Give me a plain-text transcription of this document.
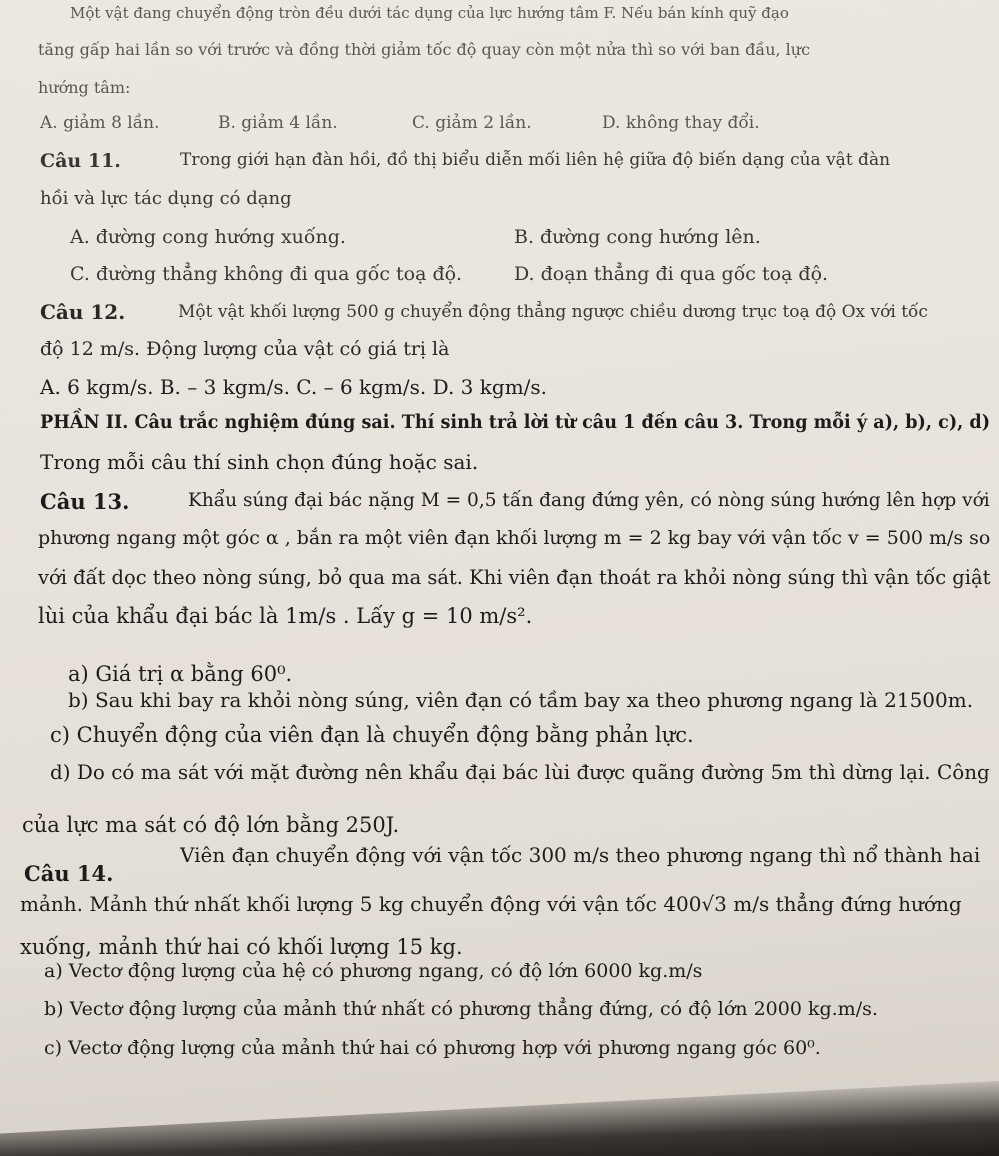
Một vật đang chuyển động tròn đều dưới tác dụng của lực hướng tâm F. Nếu bán kính quỹ đạo
tăng gấp hai lần so với trước và đồng thời giảm tốc độ quay còn một nửa thì so với ban đầu, lực
hướng tâm:
A. giảm 8 lần.	B. giảm 4 lần.	C. giảm 2 lần.	D. không thay đổi.
Câu 11.	Trong giới hạn đàn hồi, đồ thị biểu diễn mối liên hệ giữa độ biến dạng của vật đàn
hồi và lực tác dụng có dạng
A. đường cong hướng xuống.	B. đường cong hướng lên.
C. đường thẳng không đi qua gốc toạ độ.	D. đoạn thẳng đi qua gốc toạ độ.
Câu 12.	Một vật khối lượng 500 g chuyển động thẳng ngược chiều dương trục toạ độ Ox với tốc
độ 12 m/s. Động lượng của vật có giá trị là
A. 6 kgm/s. B. – 3 kgm/s. C. – 6 kgm/s. D. 3 kgm/s.
PHẦN II. Câu trắc nghiệm đúng sai. Thí sinh trả lời từ câu 1 đến câu 3. Trong mỗi ý a), b), c), d)
Trong mỗi câu thí sinh chọn đúng hoặc sai.
Câu 13.	Khẩu súng đại bác nặng M = 0,5 tấn đang đứng yên, có nòng súng hướng lên hợp với
phương ngang một góc α , bắn ra một viên đạn khối lượng m = 2 kg bay với vận tốc v = 500 m/s so
với đất dọc theo nòng súng, bỏ qua ma sát. Khi viên đạn thoát ra khỏi nòng súng thì vận tốc giật
lùi của khẩu đại bác là 1m/s . Lấy g = 10 m/s².
a) Giá trị α bằng 60⁰.
b) Sau khi bay ra khỏi nòng súng, viên đạn có tầm bay xa theo phương ngang là 21500m.
c) Chuyển động của viên đạn là chuyển động bằng phản lực.
d) Do có ma sát với mặt đường nên khẩu đại bác lùi được quãng đường 5m thì dừng lại. Công
của lực ma sát có độ lớn bằng 250J.
Câu 14.
Viên đạn chuyển động với vận tốc 300 m/s theo phương ngang thì nổ thành hai
mảnh. Mảnh thứ nhất khối lượng 5 kg chuyển động với vận tốc 400√3 m/s thẳng đứng hướng
xuống, mảnh thứ hai có khối lượng 15 kg.
a) Vectơ động lượng của hệ có phương ngang, có độ lớn 6000 kg.m/s
b) Vectơ động lượng của mảnh thứ nhất có phương thẳng đứng, có độ lớn 2000 kg.m/s.
c) Vectơ động lượng của mảnh thứ hai có phương hợp với phương ngang góc 60⁰.
